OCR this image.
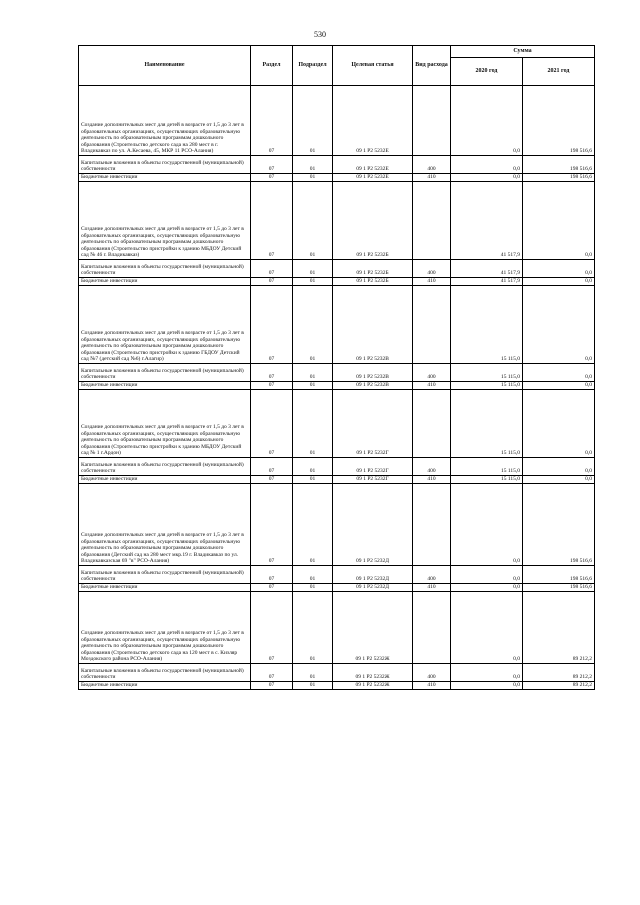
530
Наименование	Раздел	Подраздел	Целевая статья	Вид расхода	Сумма	
					2020 год	2021 год
Создание дополнительных мест для детей в возрасте от 1,5 до 3 лет в образовательных организациях, осуществляющих образовательную деятельность по образовательным программам дошкольного образования (Строительство детского сада на 280 мест в г. Владикавказ по ул. А.Кесаева, 45, МКР 11 РСО-Алания)	07	01	09 1 P2 5232Е		0,0	198 516,6
Капитальные вложения в объекты государственной (муниципальной) собственности	07	01	09 1 P2 5232Е	400	0,0	198 516,6
Бюджетные инвестиции	07	01	09 1 P2 5232Е	410	0,0	198 516,6
Создание дополнительных мест для детей в возрасте от 1,5 до 3 лет в образовательных организациях, осуществляющих образовательную деятельность по образовательным программам дошкольного образования (Строительство пристройки к зданию МБДОУ Детский сад № 46 г. Владикавказ)	07	01	09 1 P2 5232Б		41 517,9	0,0
Капитальные вложения в объекты государственной (муниципальной) собственности	07	01	09 1 P2 5232Б	400	41 517,9	0,0
Бюджетные инвестиции	07	01	09 1 P2 5232Б	410	41 517,9	0,0
Создание дополнительных мест для детей в возрасте от 1,5 до 3 лет в образовательных организациях, осуществляющих образовательную деятельность по образовательным программам дошкольного образования (Строительство пристройки к зданию ГБДОУ Детский сад №7 (детский сад №6) г.Алагир)	07	01	09 1 P2 5232В		15 115,0	0,0
Капитальные вложения в объекты государственной (муниципальной) собственности	07	01	09 1 P2 5232В	400	15 115,0	0,0
Бюджетные инвестиции	07	01	09 1 P2 5232В	410	15 115,0	0,0
Создание дополнительных мест для детей в возрасте от 1,5 до 3 лет в образовательных организациях, осуществляющих образовательную деятельность по образовательным программам дошкольного образования (Строительство пристройки к зданию МБДОУ Детский сад № 1 г.Ардон)	07	01	09 1 P2 5232Г		15 115,0	0,0
Капитальные вложения в объекты государственной (муниципальной) собственности	07	01	09 1 P2 5232Г	400	15 115,0	0,0
Бюджетные инвестиции	07	01	09 1 P2 5232Г	410	15 115,0	0,0
Создание дополнительных мест для детей в возрасте от 1,5 до 3 лет в образовательных организациях, осуществляющих образовательную деятельность по образовательным программам дошкольного образования (Детский сад на 280 мест мкр.19 г. Владикавказ по ул. Владикавказская 69 "в" РСО-Алания)	07	01	09 1 P2 5232Д		0,0	198 516,6
Капитальные вложения в объекты государственной (муниципальной) собственности	07	01	09 1 P2 5232Д	400	0,0	198 516,6
Бюджетные инвестиции	07	01	09 1 P2 5232Д	410	0,0	198 516,6
Создание дополнительных мест для детей в возрасте от 1,5 до 3 лет в образовательных организациях, осуществляющих образовательную деятельность по образовательным программам дошкольного образования (Строительство детского сада на 120 мест в с. Кизляр Моздокского района РСО-Алания)	07	01	09 1 P2 5232Ж		0,0	89 212,2
Капитальные вложения в объекты государственной (муниципальной) собственности	07	01	09 1 P2 5232Ж	400	0,0	89 212,2
Бюджетные инвестиции	07	01	09 1 P2 5232Ж	410	0,0	89 212,2
